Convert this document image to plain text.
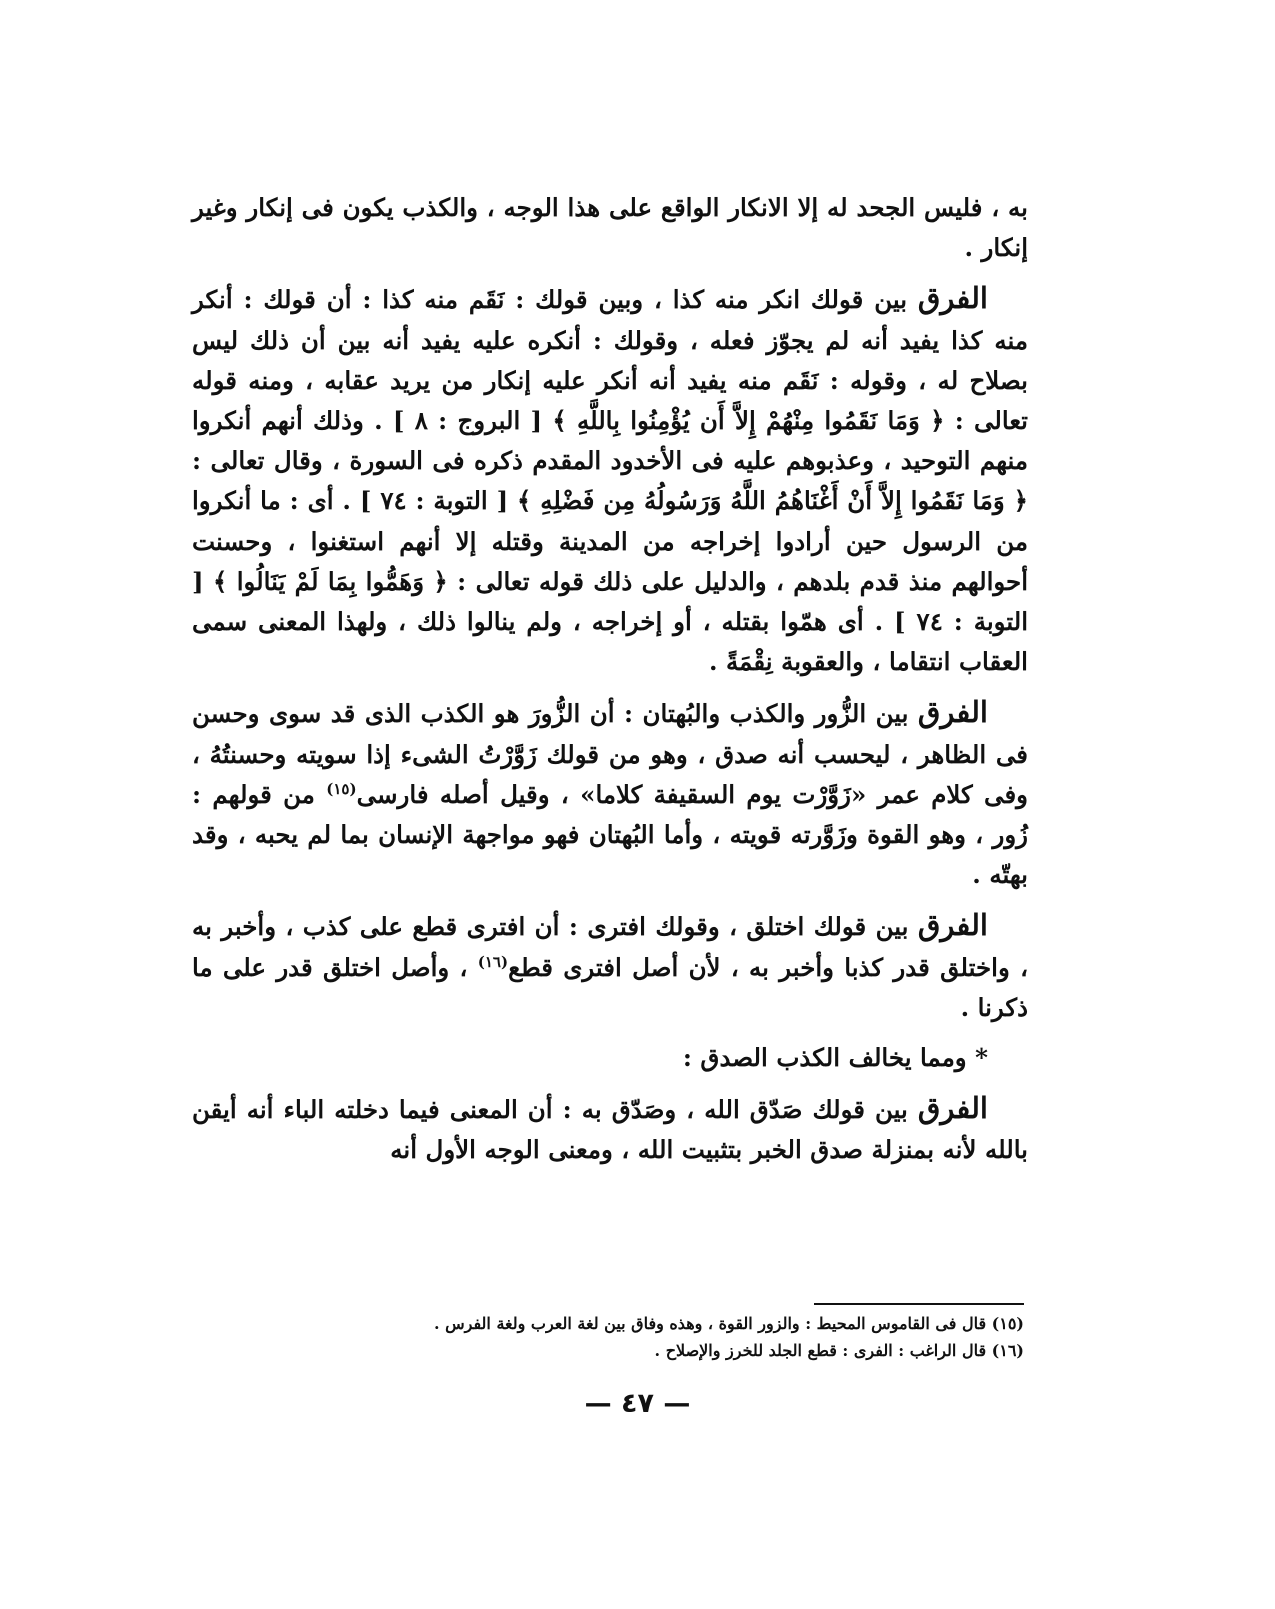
به ، فليس الجحد له إلا الانكار الواقع على هذا الوجه ، والكذب يكون فى إنكار وغير إنكار .

الفرق بين قولك انكر منه كذا ، وبين قولك : نَقَم منه كذا : أن قولك : أنكر منه كذا يفيد أنه لم يجوّز فعله ، وقولك : أنكره عليه يفيد أنه بين أن ذلك ليس بصلاح له ، وقوله : نَقَم منه يفيد أنه أنكر عليه إنكار من يريد عقابه ، ومنه قوله تعالى : ﴿ وَمَا نَقَمُوا مِنْهُمْ إِلاَّ أَن يُؤْمِنُوا بِاللَّهِ ﴾ [ البروج : ٨ ] . وذلك أنهم أنكروا منهم التوحيد ، وعذبوهم عليه فى الأخدود المقدم ذكره فى السورة ، وقال تعالى : ﴿ وَمَا نَقَمُوا إِلاَّ أَنْ أَغْنَاهُمُ اللَّهُ وَرَسُولُهُ مِن فَضْلِهِ ﴾ [ التوبة : ٧٤ ] . أى : ما أنكروا من الرسول حين أرادوا إخراجه من المدينة وقتله إلا أنهم استغنوا ، وحسنت أحوالهم منذ قدم بلدهم ، والدليل على ذلك قوله تعالى : ﴿ وَهَمُّوا بِمَا لَمْ يَنَالُوا ﴾ [ التوبة : ٧٤ ] . أى همّوا بقتله ، أو إخراجه ، ولم ينالوا ذلك ، ولهذا المعنى سمى العقاب انتقاما ، والعقوبة نِقْمَةً .

الفرق بين الزُّور والكذب والبُهتان : أن الزُّورَ هو الكذب الذى قد سوى وحسن فى الظاهر ، ليحسب أنه صدق ، وهو من قولك زَوَّرْتُ الشىء إذا سويته وحسنتُهُ ، وفى كلام عمر «زَوَّرْت يوم السقيفة كلاما» ، وقيل أصله فارسى$^{(١٥)}$ من قولهم : زُور ، وهو القوة وزَوَّرته قويته ، وأما البُهتان فهو مواجهة الإنسان بما لم يحبه ، وقد بهتّه .

الفرق بين قولك اختلق ، وقولك افترى : أن افترى قطع على كذب ، وأخبر به ، واختلق قدر كذبا وأخبر به ، لأن أصل افترى قطع$^{(١٦)}$ ، وأصل اختلق قدر على ما ذكرنا .

* ومما يخالف الكذب الصدق :

الفرق بين قولك صَدّق الله ، وصَدّق به : أن المعنى فيما دخلته الباء أنه أيقن بالله لأنه بمنزلة صدق الخبر بتثبيت الله ، ومعنى الوجه الأول أنه

(١٥) قال فى القاموس المحيط : والزور القوة ، وهذه وفاق بين لغة العرب ولغة الفرس .

(١٦) قال الراغب : الفرى : قطع الجلد للخرز والإصلاح .

— ٤٧ —
